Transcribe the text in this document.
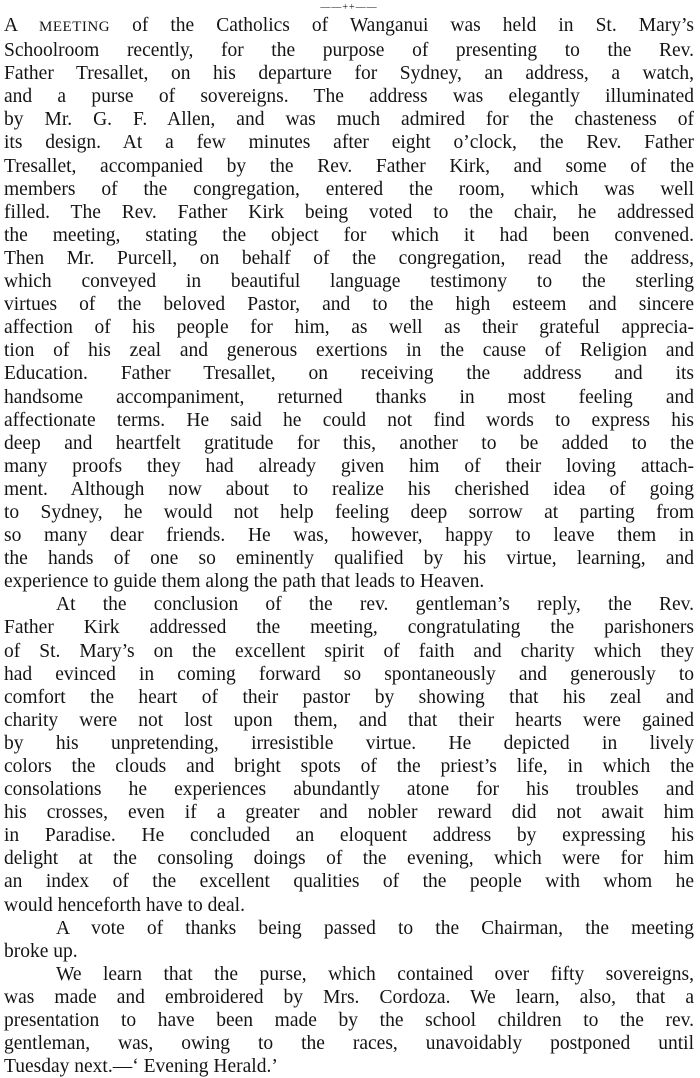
——++——
A MEETING of the Catholics of Wanganui was held in St. Mary’s
Schoolroom recently, for the purpose of presenting to the Rev.
Father Tresallet, on his departure for Sydney, an address, a watch,
and a purse of sovereigns. The address was elegantly illuminated
by Mr. G. F. Allen, and was much admired for the chasteness of
its design. At a few minutes after eight o’clock, the Rev. Father
Tresallet, accompanied by the Rev. Father Kirk, and some of the
members of the congregation, entered the room, which was well
filled. The Rev. Father Kirk being voted to the chair, he addressed
the meeting, stating the object for which it had been convened.
Then Mr. Purcell, on behalf of the congregation, read the address,
which conveyed in beautiful language testimony to the sterling
virtues of the beloved Pastor, and to the high esteem and sincere
affection of his people for him, as well as their grateful apprecia-
tion of his zeal and generous exertions in the cause of Religion and
Education. Father Tresallet, on receiving the address and its
handsome accompaniment, returned thanks in most feeling and
affectionate terms. He said he could not find words to express his
deep and heartfelt gratitude for this, another to be added to the
many proofs they had already given him of their loving attach-
ment. Although now about to realize his cherished idea of going
to Sydney, he would not help feeling deep sorrow at parting from
so many dear friends. He was, however, happy to leave them in
the hands of one so eminently qualified by his virtue, learning, and
experience to guide them along the path that leads to Heaven.
At the conclusion of the rev. gentleman’s reply, the Rev.
Father Kirk addressed the meeting, congratulating the parishoners
of St. Mary’s on the excellent spirit of faith and charity which they
had evinced in coming forward so spontaneously and generously to
comfort the heart of their pastor by showing that his zeal and
charity were not lost upon them, and that their hearts were gained
by his unpretending, irresistible virtue. He depicted in lively
colors the clouds and bright spots of the priest’s life, in which the
consolations he experiences abundantly atone for his troubles and
his crosses, even if a greater and nobler reward did not await him
in Paradise. He concluded an eloquent address by expressing his
delight at the consoling doings of the evening, which were for him
an index of the excellent qualities of the people with whom he
would henceforth have to deal.
A vote of thanks being passed to the Chairman, the meeting
broke up.
We learn that the purse, which contained over fifty sovereigns,
was made and embroidered by Mrs. Cordoza. We learn, also, that a
presentation to have been made by the school children to the rev.
gentleman, was, owing to the races, unavoidably postponed until
Tuesday next.—‘ Evening Herald.’
